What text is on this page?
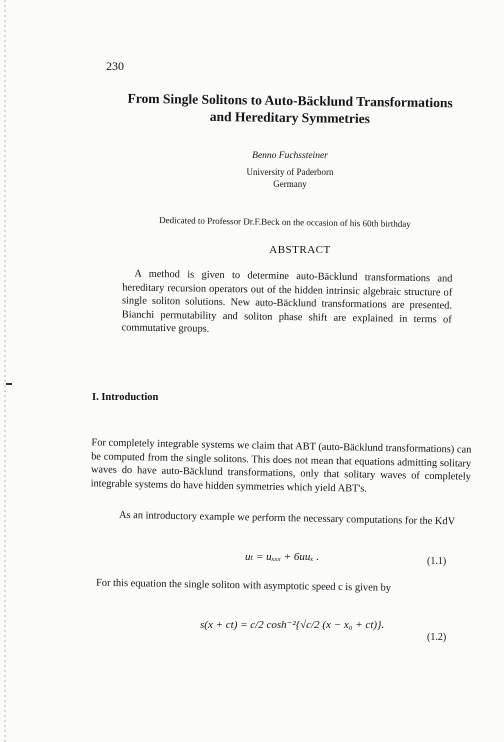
230
From Single Solitons to Auto-Bäcklund Transformations and Hereditary Symmetries
Benno Fuchssteiner
University of Paderborn
Germany
Dedicated to Professor Dr.F.Beck on the occasion of his 60th birthday
ABSTRACT
A method is given to determine auto-Bäcklund transformations and hereditary recursion operators out of the hidden intrinsic algebraic structure of single soliton solutions. New auto-Bäcklund transformations are presented. Bianchi permutability and soliton phase shift are explained in terms of commutative groups.
I. Introduction
For completely integrable systems we claim that ABT (auto-Bäcklund transformations) can be computed from the single solitons. This does not mean that equations admitting solitary waves do have auto-Bäcklund transformations, only that solitary waves of completely integrable systems do have hidden symmetries which yield ABT's.
As an introductory example we perform the necessary computations for the KdV
uₜ = uₓₓₓ + 6uuₓ .	(1.1)
For this equation the single soliton with asymptotic speed c is given by
s(x + ct) = c/2 cosh⁻²{√c/2 (x − x₀ + ct)}.
(1.2)
